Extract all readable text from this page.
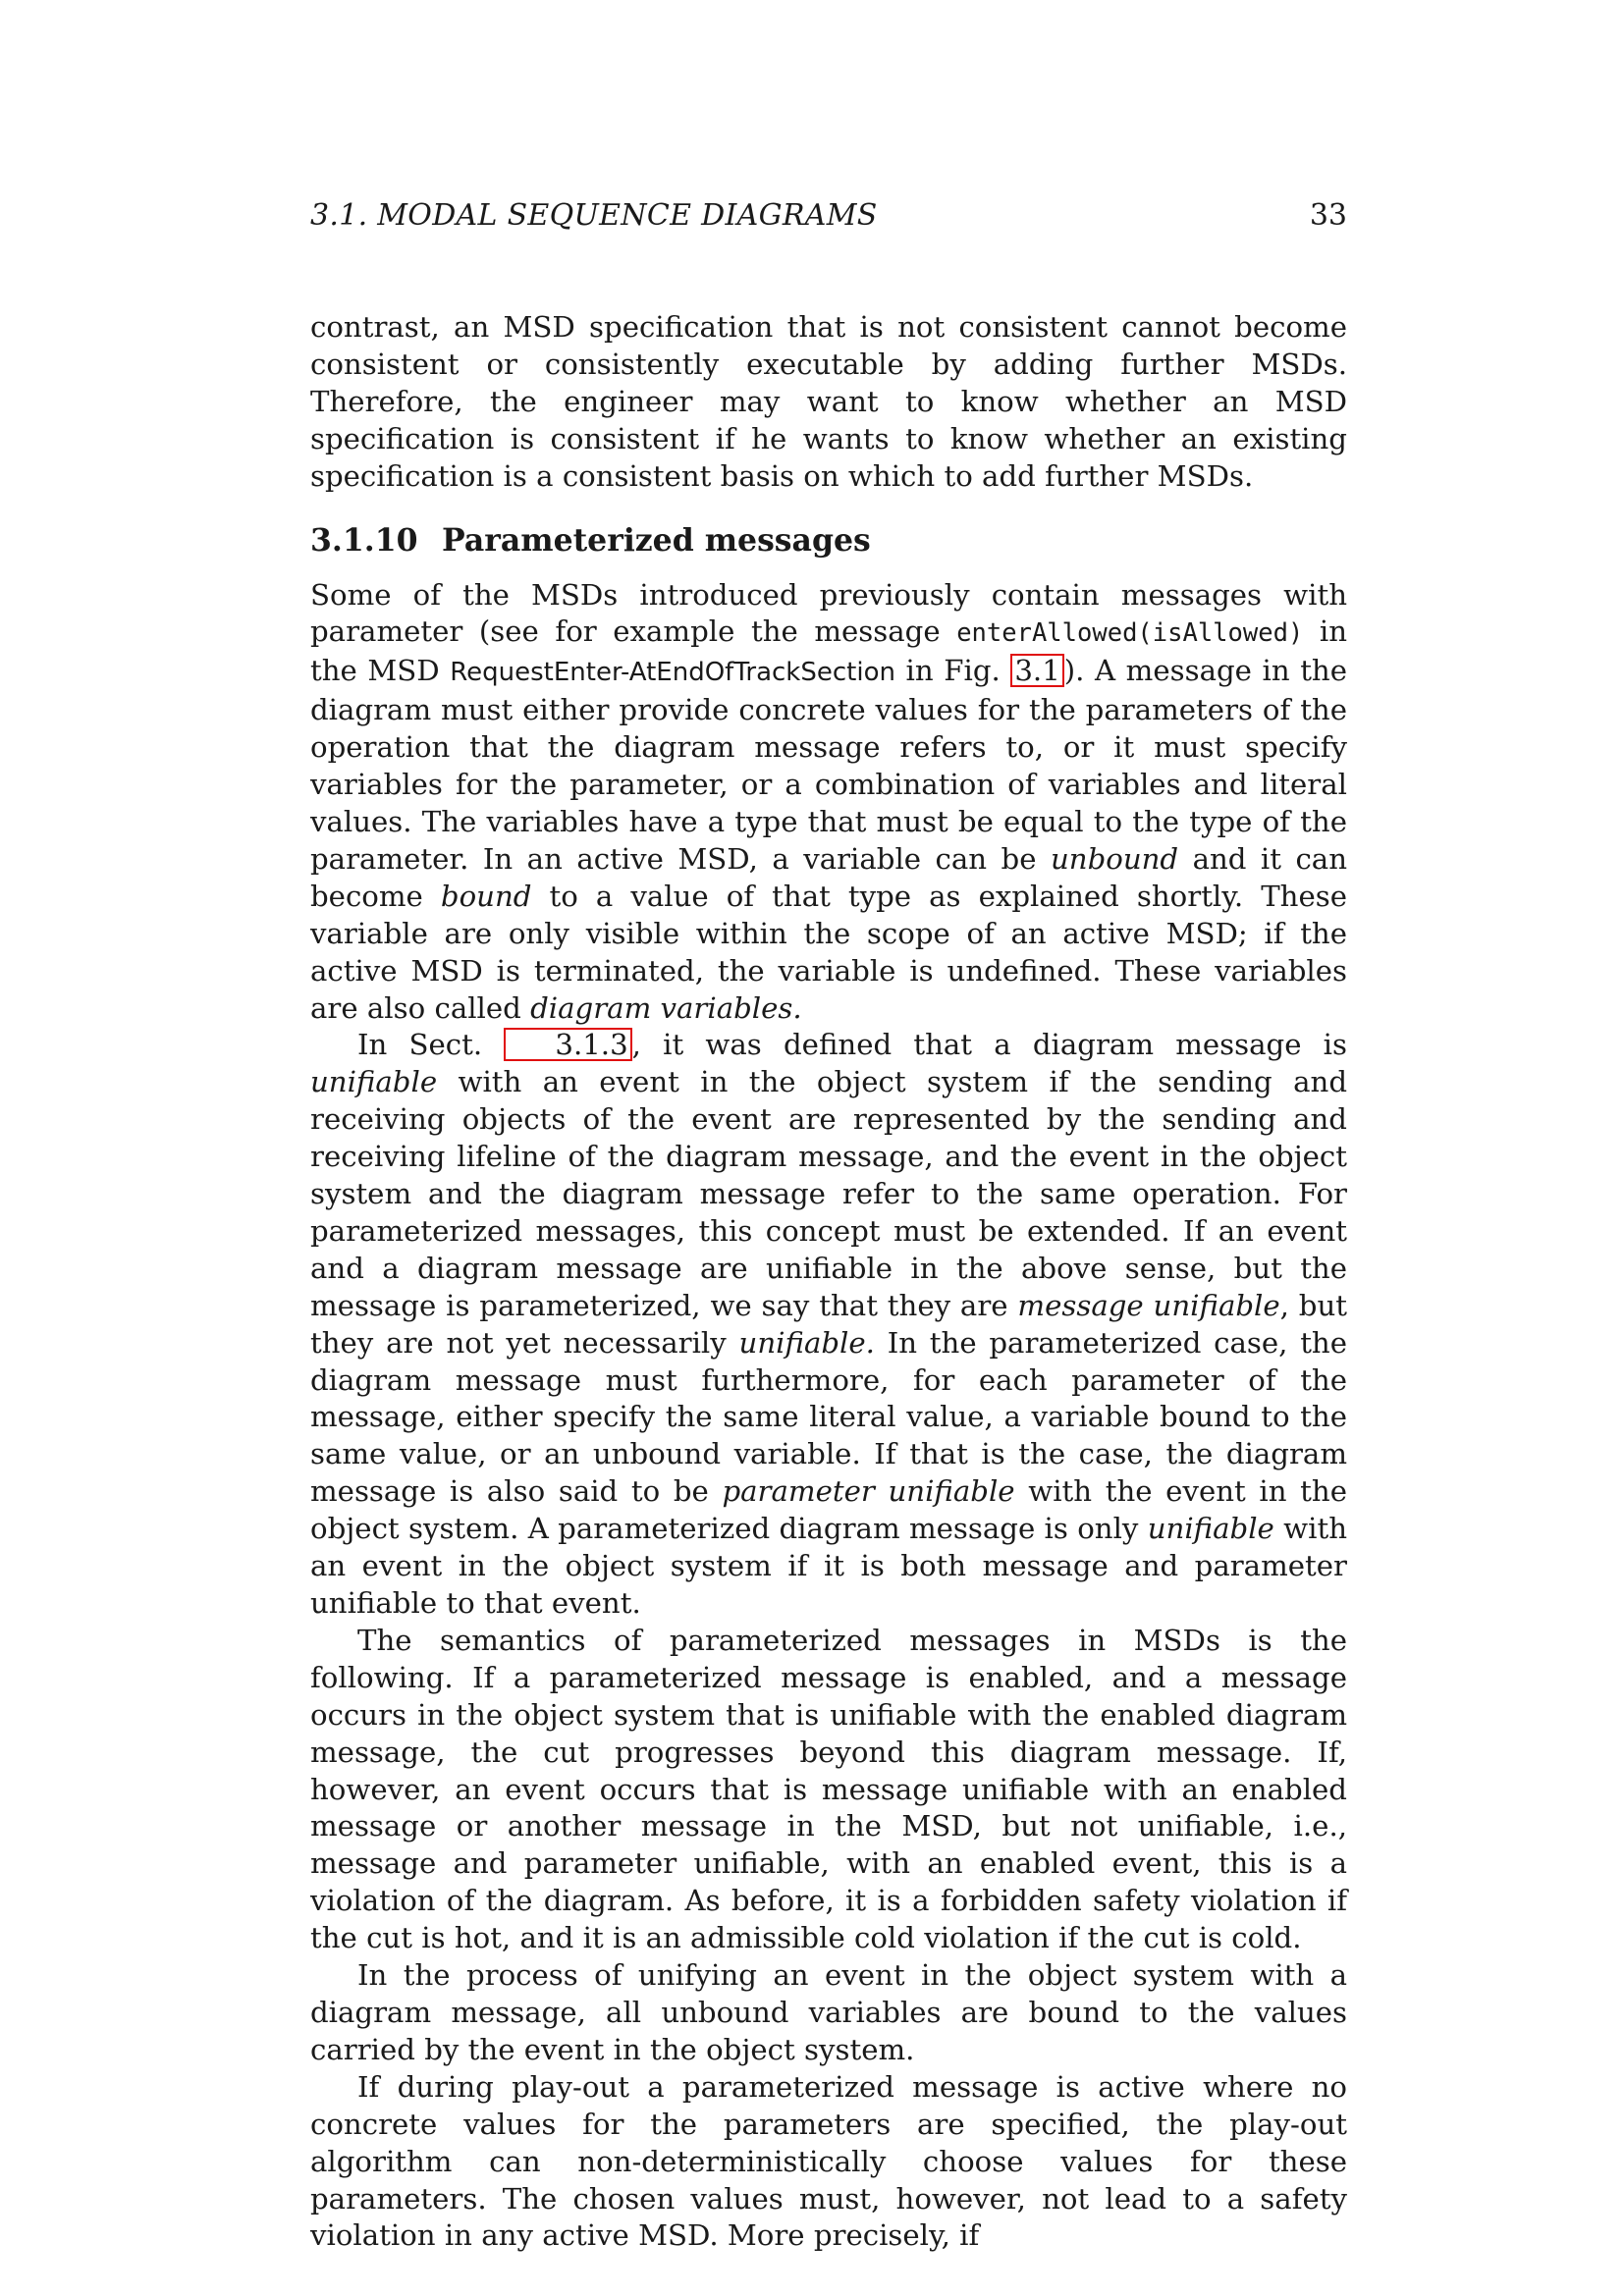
3.1. MODAL SEQUENCE DIAGRAMS	33

contrast, an MSD specification that is not consistent cannot become consistent or consistently executable by adding further MSDs. Therefore, the engineer may want to know whether an MSD specification is consistent if he wants to know whether an existing specification is a consistent basis on which to add further MSDs.

3.1.10 Parameterized messages

Some of the MSDs introduced previously contain messages with parameter (see for example the message enterAllowed(isAllowed) in the MSD RequestEnter-AtEndOfTrackSection in Fig. 3.1 ). A message in the diagram must either provide concrete values for the parameters of the operation that the diagram message refers to, or it must specify variables for the parameter, or a combination of variables and literal values. The variables have a type that must be equal to the type of the parameter. In an active MSD, a variable can be unbound and it can become bound to a value of that type as explained shortly. These variable are only visible within the scope of an active MSD; if the active MSD is terminated, the variable is undefined. These variables are also called diagram variables.

In Sect. 3.1.3 , it was defined that a diagram message is unifiable with an event in the object system if the sending and receiving objects of the event are represented by the sending and receiving lifeline of the diagram message, and the event in the object system and the diagram message refer to the same operation. For parameterized messages, this concept must be extended. If an event and a diagram message are unifiable in the above sense, but the message is parameterized, we say that they are message unifiable, but they are not yet necessarily unifiable. In the parameterized case, the diagram message must furthermore, for each parameter of the message, either specify the same literal value, a variable bound to the same value, or an unbound variable. If that is the case, the diagram message is also said to be parameter unifiable with the event in the object system. A parameterized diagram message is only unifiable with an event in the object system if it is both message and parameter unifiable to that event.

The semantics of parameterized messages in MSDs is the following. If a parameterized message is enabled, and a message occurs in the object system that is unifiable with the enabled diagram message, the cut progresses beyond this diagram message. If, however, an event occurs that is message unifiable with an enabled message or another message in the MSD, but not unifiable, i.e., message and parameter unifiable, with an enabled event, this is a violation of the diagram. As before, it is a forbidden safety violation if the cut is hot, and it is an admissible cold violation if the cut is cold.

In the process of unifying an event in the object system with a diagram message, all unbound variables are bound to the values carried by the event in the object system.

If during play-out a parameterized message is active where no concrete values for the parameters are specified, the play-out algorithm can non-deterministically choose values for these parameters. The chosen values must, however, not lead to a safety violation in any active MSD. More precisely, if
